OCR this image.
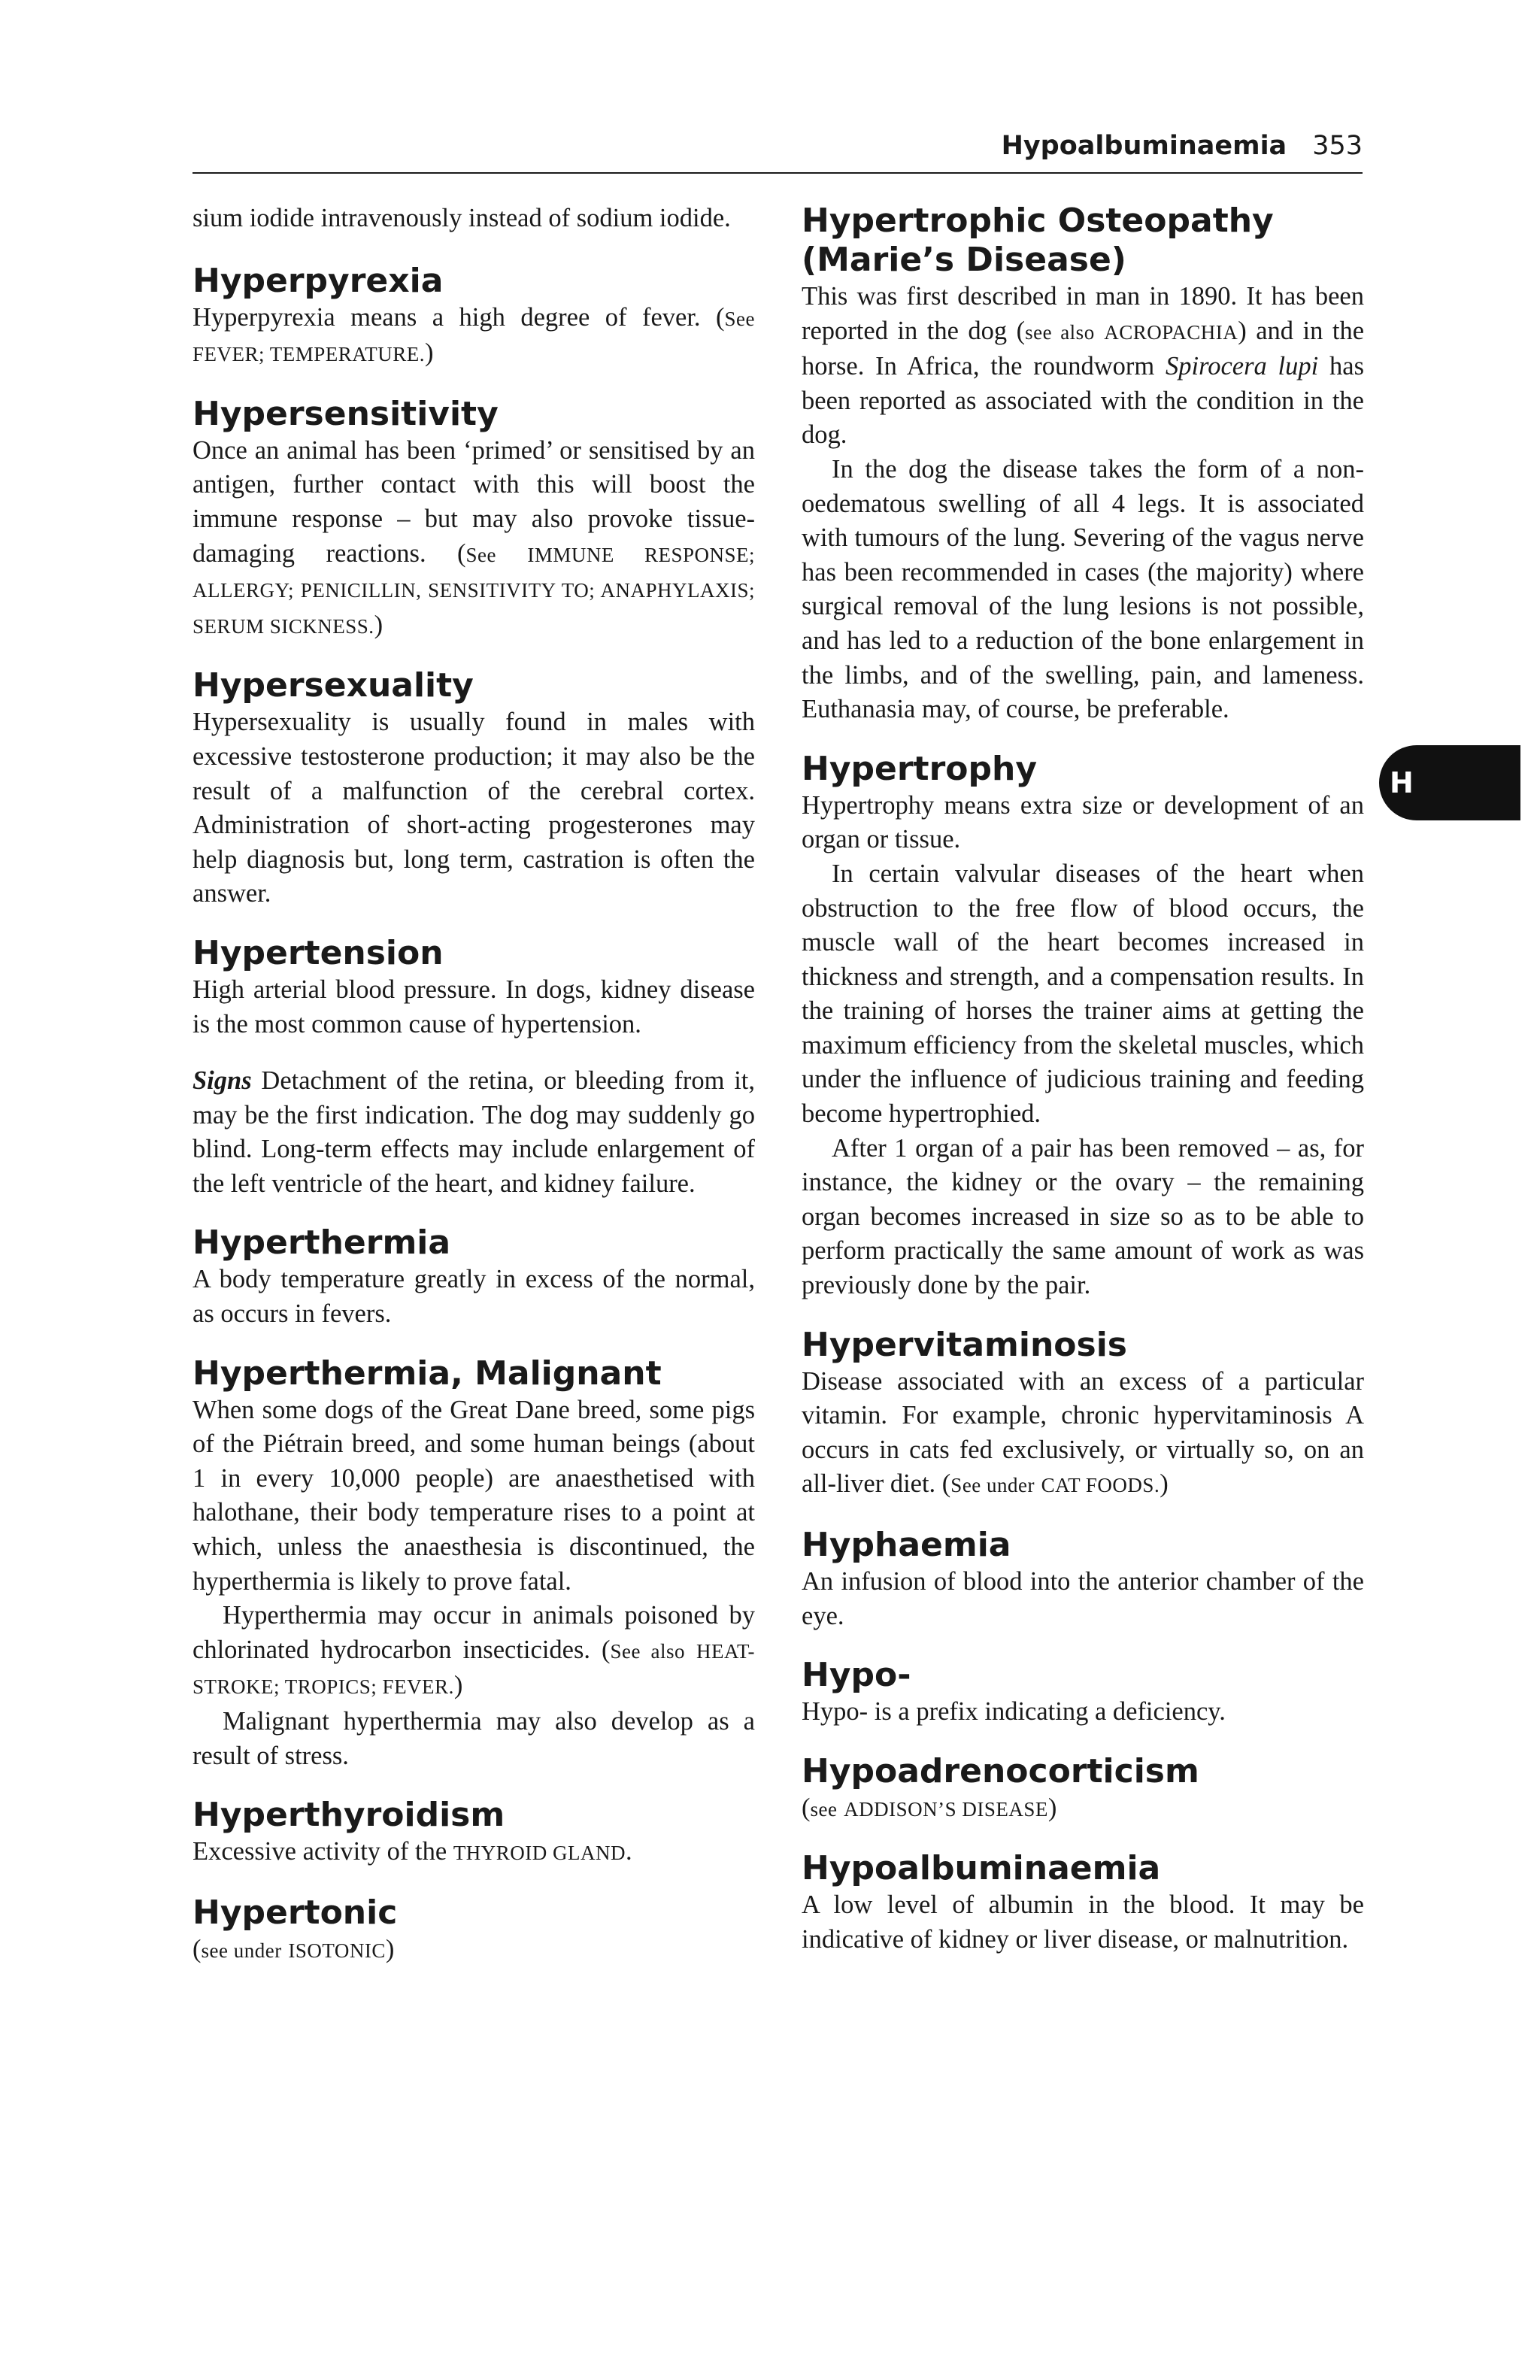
Hypoalbuminaemia 353
H

sium iodide intravenously instead of sodium iodide.

Hyperpyrexia

Hyperpyrexia means a high degree of fever. (See FEVER; TEMPERATURE.)

Hypersensitivity

Once an animal has been ‘primed’ or sensitised by an antigen, further contact with this will boost the immune response – but may also provoke tissue-damaging reactions. (See IMMUNE RESPONSE; ALLERGY; PENICILLIN, SENSITIVITY TO; ANAPHYLAXIS; SERUM SICKNESS.)

Hypersexuality

Hypersexuality is usually found in males with excessive testosterone production; it may also be the result of a malfunction of the cerebral cortex. Administration of short-acting progesterones may help diagnosis but, long term, castration is often the answer.

Hypertension

High arterial blood pressure. In dogs, kidney disease is the most common cause of hypertension.

Signs Detachment of the retina, or bleeding from it, may be the first indication. The dog may suddenly go blind. Long-term effects may include enlargement of the left ventricle of the heart, and kidney failure.

Hyperthermia

A body temperature greatly in excess of the normal, as occurs in fevers.

Hyperthermia, Malignant

When some dogs of the Great Dane breed, some pigs of the Piétrain breed, and some human beings (about 1 in every 10,000 people) are anaesthetised with halothane, their body temperature rises to a point at which, unless the anaesthesia is discontinued, the hyperthermia is likely to prove fatal.

Hyperthermia may occur in animals poisoned by chlorinated hydrocarbon insecticides. (See also HEAT-STROKE; TROPICS; FEVER.)

Malignant hyperthermia may also develop as a result of stress.

Hyperthyroidism

Excessive activity of the THYROID GLAND.

Hypertonic

(see under ISOTONIC)

Hypertrophic Osteopathy (Marie’s Disease)

This was first described in man in 1890. It has been reported in the dog (see also ACROPACHIA) and in the horse. In Africa, the roundworm Spirocera lupi has been reported as associated with the condition in the dog.

In the dog the disease takes the form of a non-oedematous swelling of all 4 legs. It is associated with tumours of the lung. Severing of the vagus nerve has been recommended in cases (the majority) where surgical removal of the lung lesions is not possible, and has led to a reduction of the bone enlargement in the limbs, and of the swelling, pain, and lameness. Euthanasia may, of course, be preferable.

Hypertrophy

Hypertrophy means extra size or development of an organ or tissue.

In certain valvular diseases of the heart when obstruction to the free flow of blood occurs, the muscle wall of the heart becomes increased in thickness and strength, and a compensation results. In the training of horses the trainer aims at getting the maximum efficiency from the skeletal muscles, which under the influence of judicious training and feeding become hypertrophied.

After 1 organ of a pair has been removed – as, for instance, the kidney or the ovary – the remaining organ becomes increased in size so as to be able to perform practically the same amount of work as was previously done by the pair.

Hypervitaminosis

Disease associated with an excess of a particular vitamin. For example, chronic hypervitaminosis A occurs in cats fed exclusively, or virtually so, on an all-liver diet. (See under CAT FOODS.)

Hyphaemia

An infusion of blood into the anterior chamber of the eye.

Hypo-

Hypo- is a prefix indicating a deficiency.

Hypoadrenocorticism

(see ADDISON’S DISEASE)

Hypoalbuminaemia

A low level of albumin in the blood. It may be indicative of kidney or liver disease, or malnutrition.
